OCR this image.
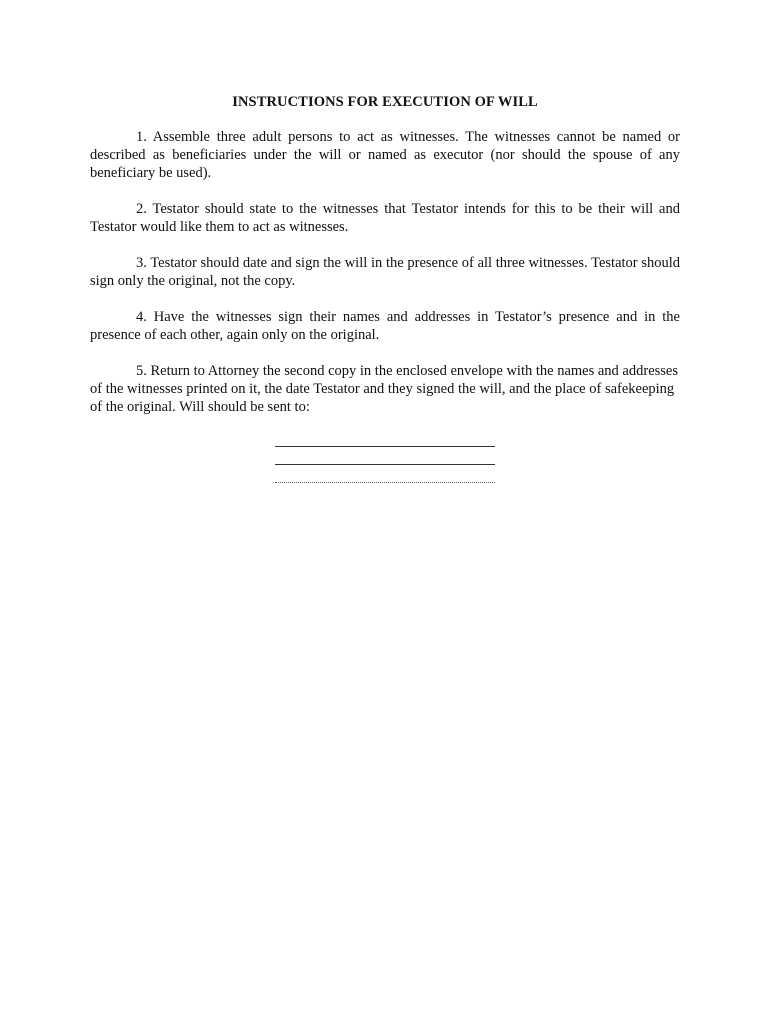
INSTRUCTIONS FOR EXECUTION OF WILL

1. Assemble three adult persons to act as witnesses. The witnesses cannot be named or described as beneficiaries under the will or named as executor (nor should the spouse of any beneficiary be used).

2. Testator should state to the witnesses that Testator intends for this to be their will and Testator would like them to act as witnesses.

3. Testator should date and sign the will in the presence of all three witnesses. Testator should sign only the original, not the copy.

4. Have the witnesses sign their names and addresses in Testator’s presence and in the presence of each other, again only on the original.

5. Return to Attorney the second copy in the enclosed envelope with the names and addresses of the witnesses printed on it, the date Testator and they signed the will, and the place of safekeeping of the original. Will should be sent to:
